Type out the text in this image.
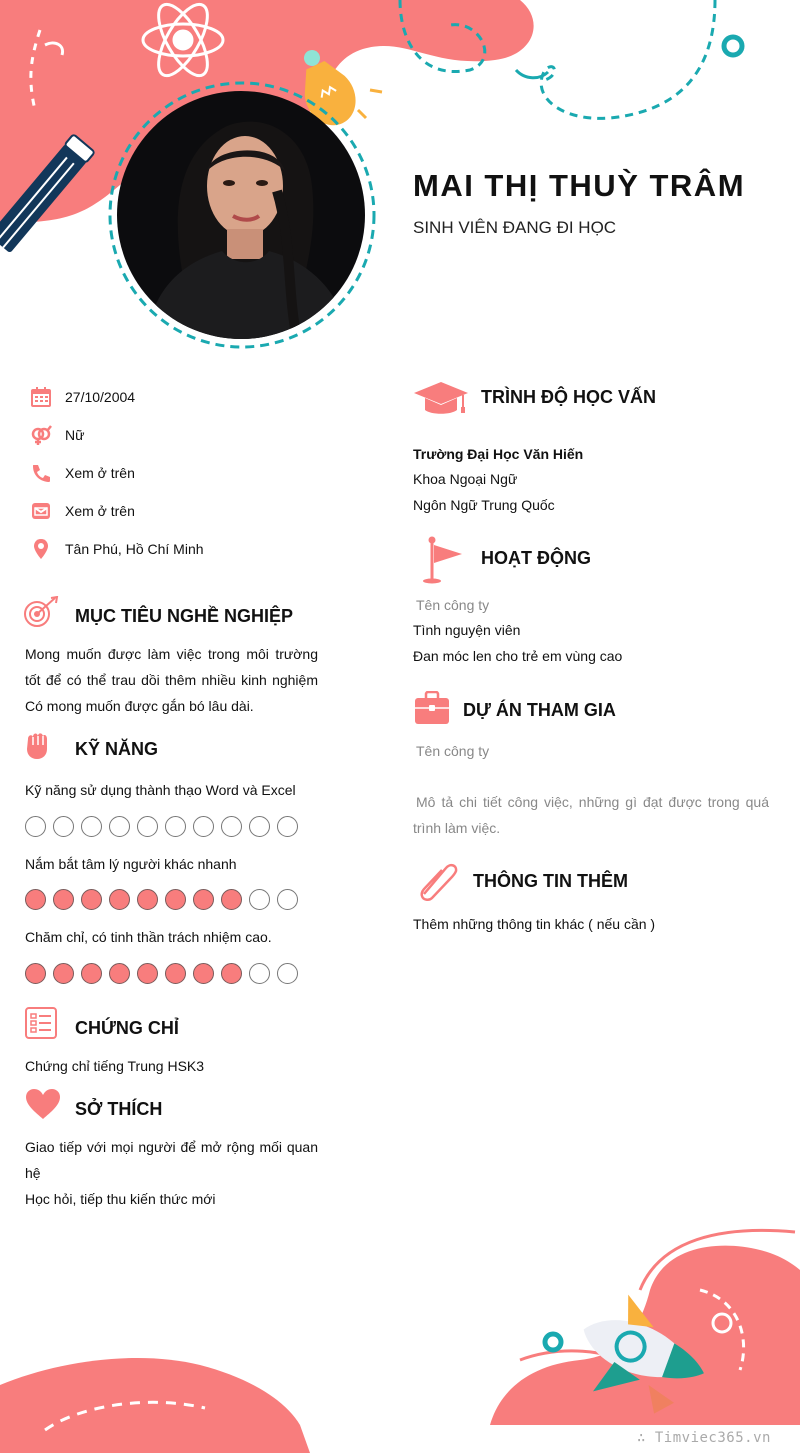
MAI THỊ THUỲ TRÂM
SINH VIÊN ĐANG ĐI HỌC
27/10/2004
Nữ
Xem ở trên
Xem ở trên
Tân Phú, Hồ Chí Minh
MỤC TIÊU NGHỀ NGHIỆP
Mong muốn được làm việc trong môi trường
tốt để có thể trau dồi thêm nhiều kinh nghiệm
Có mong muốn được gắn bó lâu dài.
KỸ NĂNG
Kỹ năng sử dụng thành thạo Word và Excel
Nắm bắt tâm lý người khác nhanh
Chăm chỉ, có tinh thần trách nhiệm cao.
CHỨNG CHỈ
Chứng chỉ tiếng Trung HSK3
SỞ THÍCH
Giao tiếp với mọi người để mở rộng mối quan
hệ
Học hỏi, tiếp thu kiến thức mới
TRÌNH ĐỘ HỌC VẤN
Trường Đại Học Văn Hiến
Khoa Ngoại Ngữ
Ngôn Ngữ Trung Quốc
HOẠT ĐỘNG
Tên công ty
Tình nguyện viên
Đan móc len cho trẻ em vùng cao
DỰ ÁN THAM GIA
Tên công ty
Mô tả chi tiết công việc, những gì đạt được trong quá
trình làm việc.
THÔNG TIN THÊM
Thêm những thông tin khác ( nếu cần )
∴ Timviec365.vn
